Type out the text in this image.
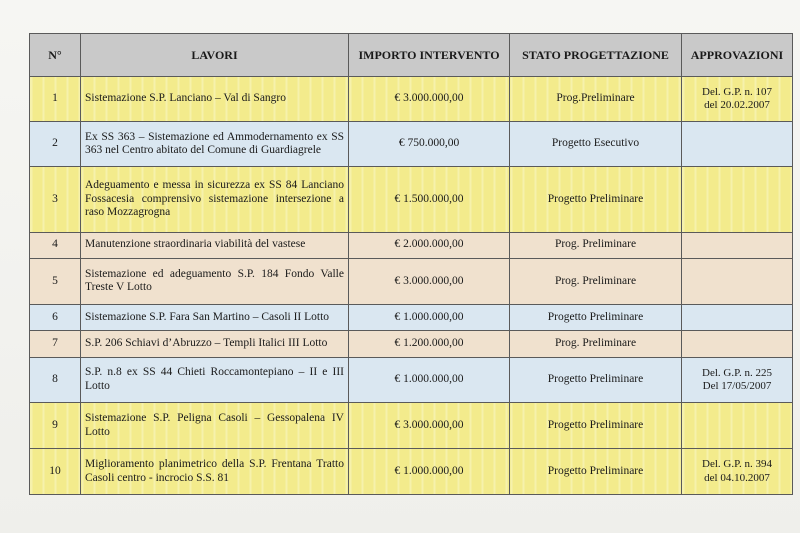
N°	LAVORI	IMPORTO INTERVENTO	STATO PROGETTAZIONE	APPROVAZIONI
1	Sistemazione S.P. Lanciano – Val di Sangro	€ 3.000.000,00	Prog.Preliminare	Del. G.P. n. 107
del 20.02.2007

2	Ex SS 363 – Sistemazione ed Ammodernamento ex SS 363 nel Centro abitato del Comune di Guardiagrele	€ 750.000,00	Progetto Esecutivo	

3	Adeguamento e messa in sicurezza ex SS 84 Lanciano Fossacesia comprensivo sistemazione intersezione a raso Mozzagrogna	€ 1.500.000,00	Progetto Preliminare	

4	Manutenzione straordinaria viabilità del vastese	€ 2.000.000,00	Prog. Preliminare	

5	Sistemazione ed adeguamento S.P. 184 Fondo Valle Treste V Lotto	€ 3.000.000,00	Prog. Preliminare	

6	Sistemazione S.P. Fara San Martino – Casoli II Lotto	€ 1.000.000,00	Progetto Preliminare	

7	S.P. 206 Schiavi d’Abruzzo – Templi Italici III Lotto	€ 1.200.000,00	Prog. Preliminare	

8	S.P. n.8 ex SS 44 Chieti Roccamontepiano – II e III Lotto	€ 1.000.000,00	Progetto Preliminare	Del. G.P. n. 225
Del 17/05/2007

9	Sistemazione S.P. Peligna Casoli – Gessopalena IV Lotto	€ 3.000.000,00	Progetto Preliminare	

10	Miglioramento planimetrico della S.P. Frentana Tratto Casoli centro - incrocio S.S. 81	€ 1.000.000,00	Progetto Preliminare	Del. G.P. n. 394
del 04.10.2007
